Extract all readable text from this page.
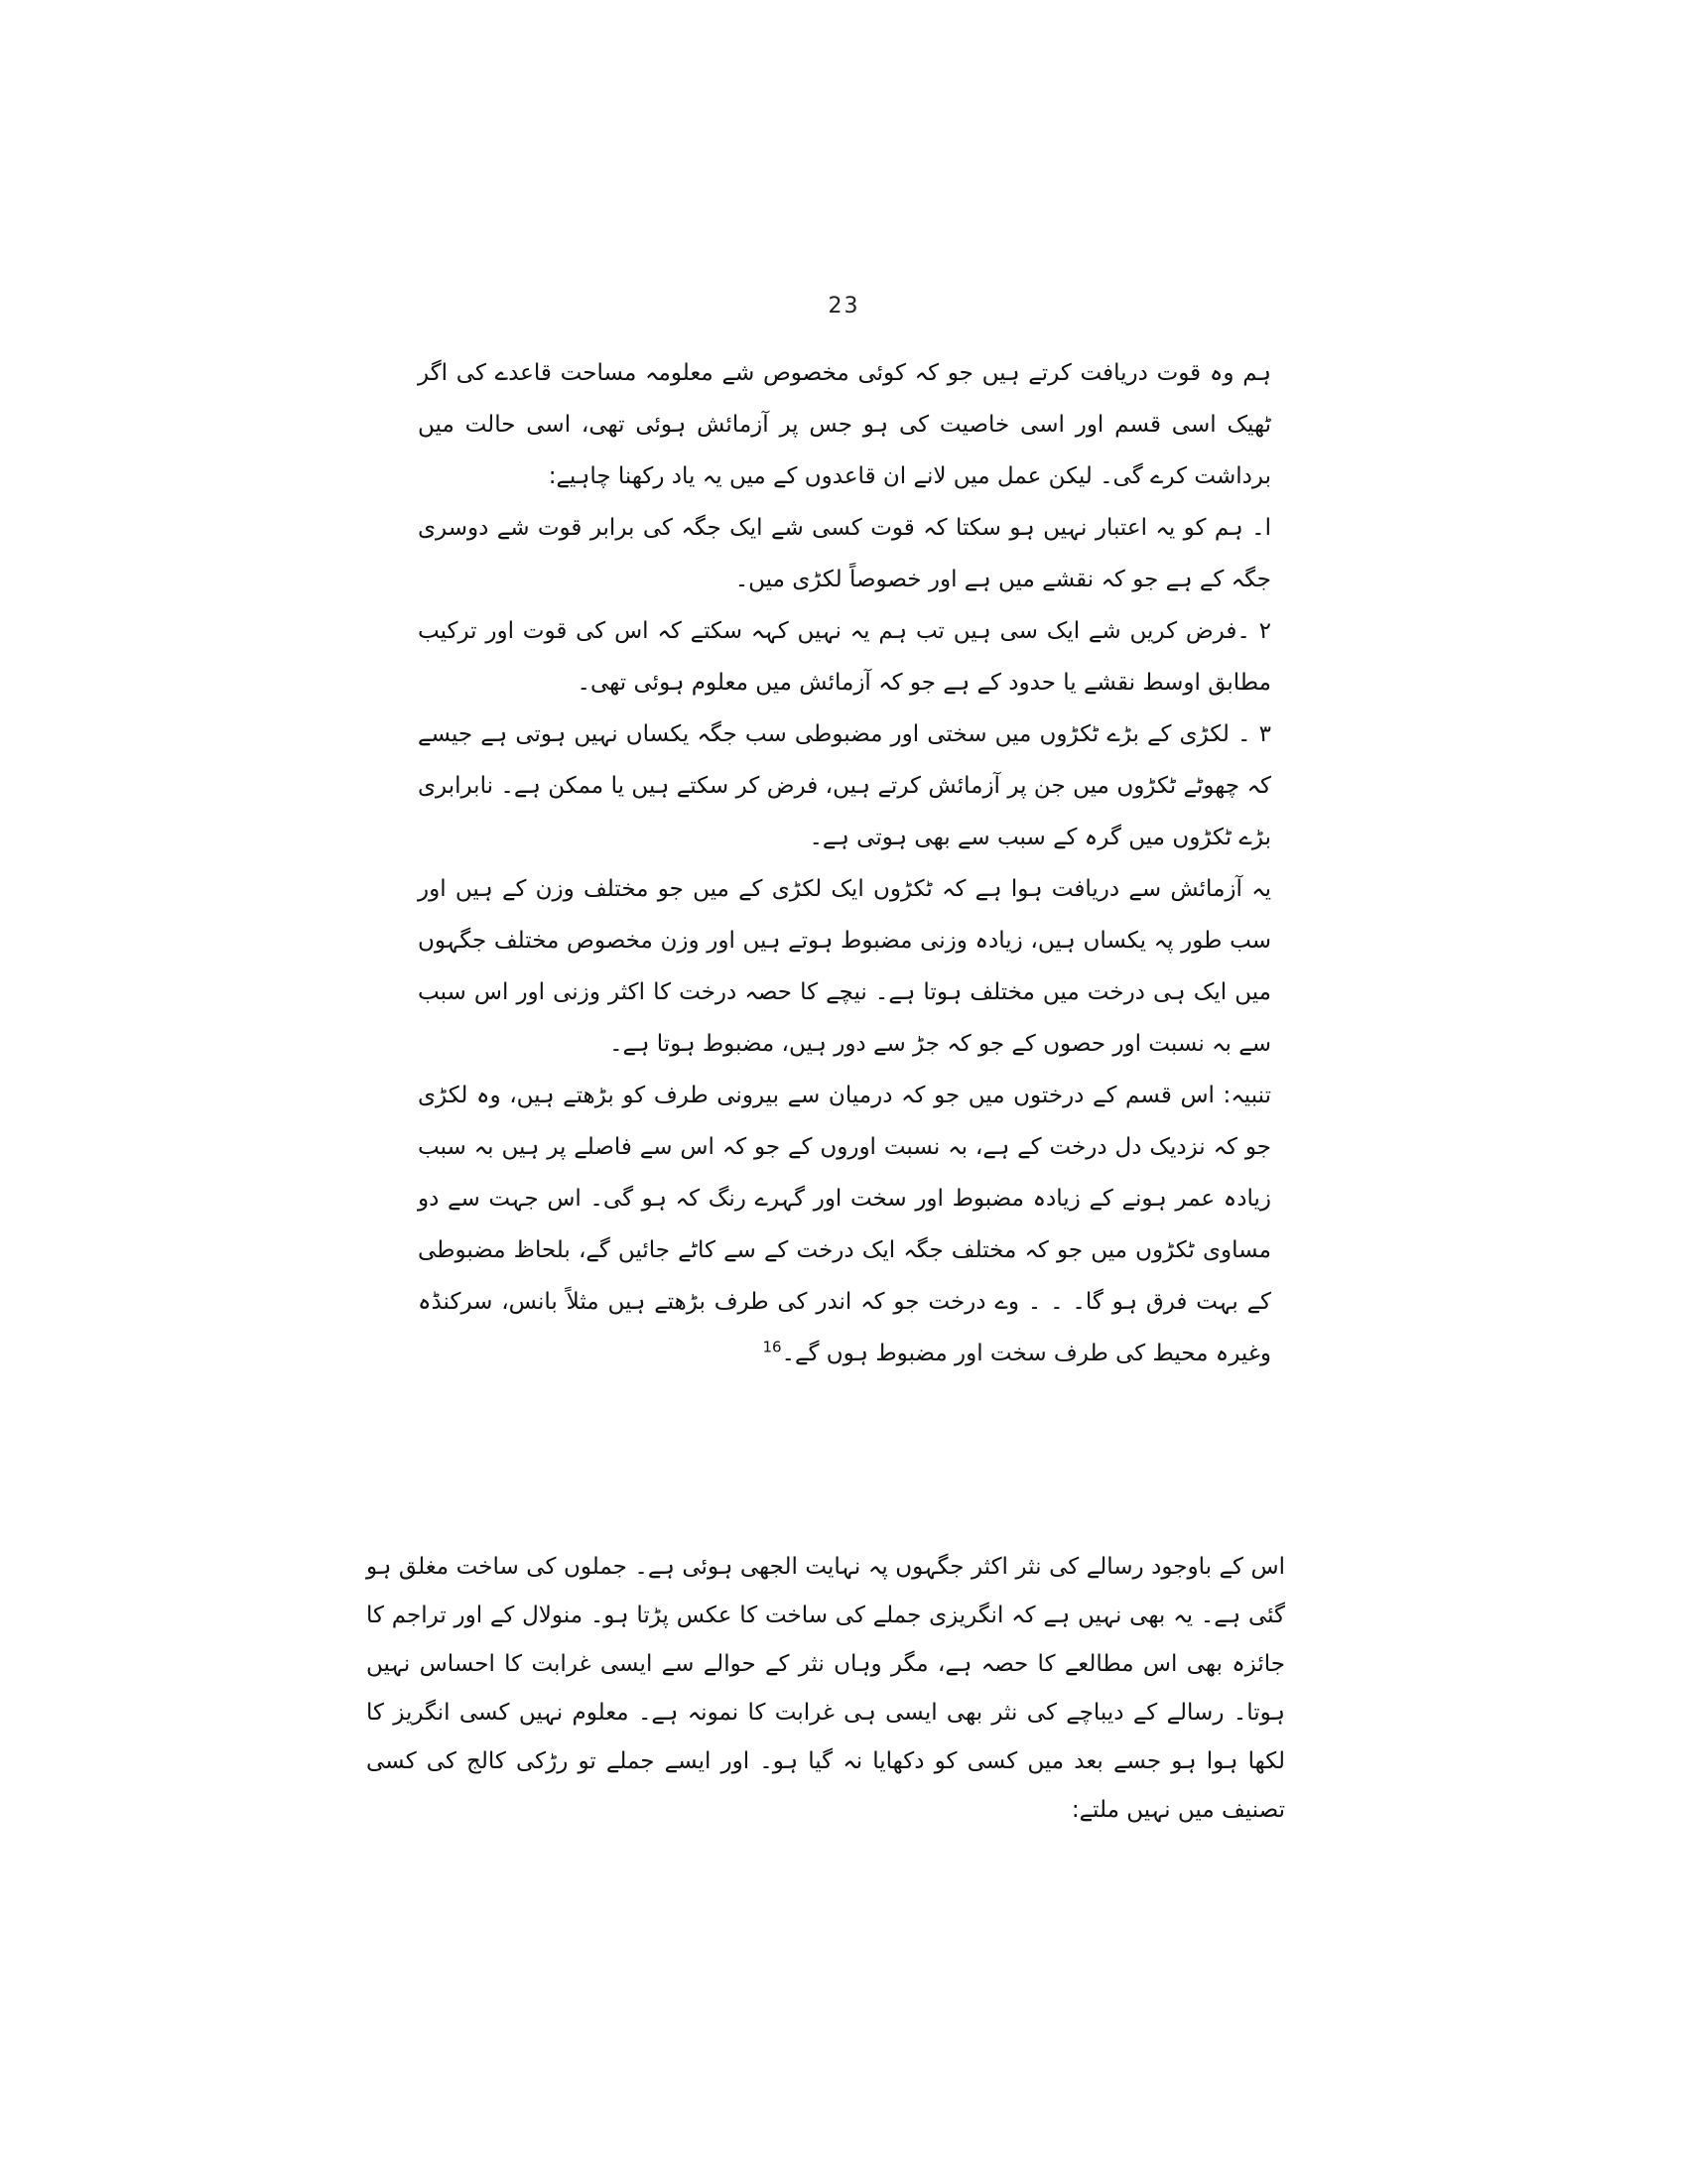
23

ہم وہ قوت دریافت کرتے ہیں جو کہ کوئی مخصوص شے معلومہ مساحت قاعدے کی اگر ٹھیک اسی قسم اور اسی خاصیت کی ہو جس پر آزمائش ہوئی تھی، اسی حالت میں برداشت کرے گی۔ لیکن عمل میں لانے ان قاعدوں کے میں یہ یاد رکھنا چاہیے:

ا۔ ہم کو یہ اعتبار نہیں ہو سکتا کہ قوت کسی شے ایک جگہ کی برابر قوت شے دوسری جگہ کے ہے جو کہ نقشے میں ہے اور خصوصاً لکڑی میں۔

۲ ۔فرض کریں شے ایک سی ہیں تب ہم یہ نہیں کہہ سکتے کہ اس کی قوت اور ترکیب مطابق اوسط نقشے یا حدود کے ہے جو کہ آزمائش میں معلوم ہوئی تھی۔

۳ ۔ لکڑی کے بڑے ٹکڑوں میں سختی اور مضبوطی سب جگہ یکساں نہیں ہوتی ہے جیسے کہ چھوٹے ٹکڑوں میں جن پر آزمائش کرتے ہیں، فرض کر سکتے ہیں یا ممکن ہے۔ نابرابری بڑے ٹکڑوں میں گرہ کے سبب سے بھی ہوتی ہے۔

یہ آزمائش سے دریافت ہوا ہے کہ ٹکڑوں ایک لکڑی کے میں جو مختلف وزن کے ہیں اور سب طور پہ یکساں ہیں، زیادہ وزنی مضبوط ہوتے ہیں اور وزن مخصوص مختلف جگہوں میں ایک ہی درخت میں مختلف ہوتا ہے۔ نیچے کا حصہ درخت کا اکثر وزنی اور اس سبب سے بہ نسبت اور حصوں کے جو کہ جڑ سے دور ہیں، مضبوط ہوتا ہے۔

تنبیہ: اس قسم کے درختوں میں جو کہ درمیان سے بیرونی طرف کو بڑھتے ہیں، وہ لکڑی جو کہ نزدیک دل درخت کے ہے، بہ نسبت اوروں کے جو کہ اس سے فاصلے پر ہیں بہ سبب زیادہ عمر ہونے کے زیادہ مضبوط اور سخت اور گہرے رنگ کہ ہو گی۔ اس جہت سے دو مساوی ٹکڑوں میں جو کہ مختلف جگہ ایک درخت کے سے کاٹے جائیں گے، بلحاظ مضبوطی کے بہت فرق ہو گا۔ ۔ ۔ وے درخت جو کہ اندر کی طرف بڑھتے ہیں مثلاً بانس، سرکنڈہ وغیرہ محیط کی طرف سخت اور مضبوط ہوں گے۔$^{16}$

اس کے باوجود رسالے کی نثر اکثر جگہوں پہ نہایت الجھی ہوئی ہے۔ جملوں کی ساخت مغلق ہو گئی ہے۔ یہ بھی نہیں ہے کہ انگریزی جملے کی ساخت کا عکس پڑتا ہو۔ منولال کے اور تراجم کا جائزہ بھی اس مطالعے کا حصہ ہے، مگر وہاں نثر کے حوالے سے ایسی غرابت کا احساس نہیں ہوتا۔ رسالے کے دیباچے کی نثر بھی ایسی ہی غرابت کا نمونہ ہے۔ معلوم نہیں کسی انگریز کا لکھا ہوا ہو جسے بعد میں کسی کو دکھایا نہ گیا ہو۔ اور ایسے جملے تو رڑکی کالج کی کسی تصنیف میں نہیں ملتے:
